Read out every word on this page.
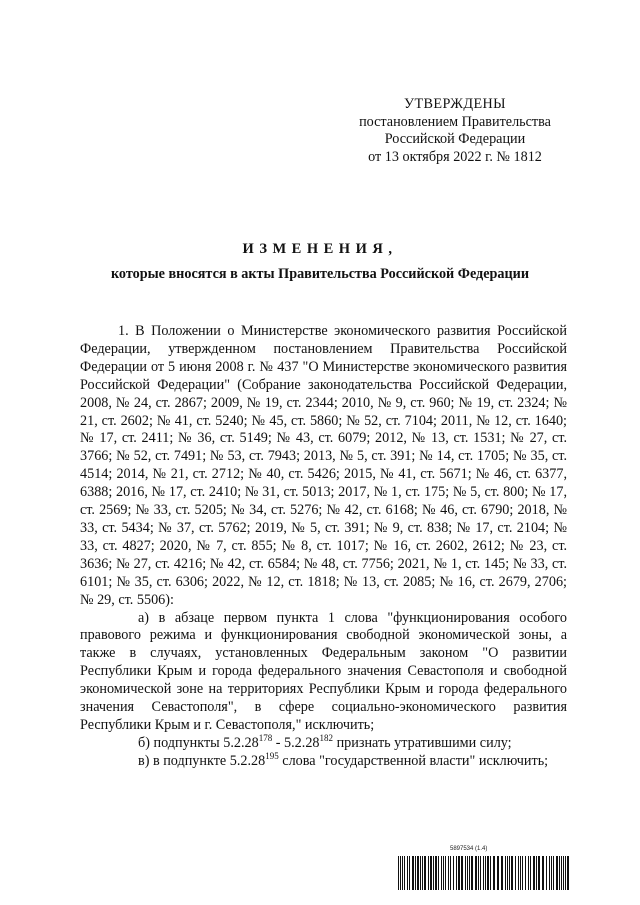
УТВЕРЖДЕНЫ
постановлением Правительства
Российской Федерации
от 13 октября 2022 г. № 1812
ИЗМЕНЕНИЯ,
которые вносятся в акты Правительства Российской Федерации

1. В Положении о Министерстве экономического развития Российской Федерации, утвержденном постановлением Правительства Российской Федерации от 5 июня 2008 г. № 437 "О Министерстве экономического развития Российской Федерации" (Собрание законодательства Российской Федерации, 2008, № 24, ст. 2867; 2009, № 19, ст. 2344; 2010, № 9, ст. 960; № 19, ст. 2324; № 21, ст. 2602; № 41, ст. 5240; № 45, ст. 5860; № 52, ст. 7104; 2011, № 12, ст. 1640; № 17, ст. 2411; № 36, ст. 5149; № 43, ст. 6079; 2012, № 13, ст. 1531; № 27, ст. 3766; № 52, ст. 7491; № 53, ст. 7943; 2013, № 5, ст. 391; № 14, ст. 1705; № 35, ст. 4514; 2014, № 21, ст. 2712; № 40, ст. 5426; 2015, № 41, ст. 5671; № 46, ст. 6377, 6388; 2016, № 17, ст. 2410; № 31, ст. 5013; 2017, № 1, ст. 175; № 5, ст. 800; № 17, ст. 2569; № 33, ст. 5205; № 34, ст. 5276; № 42, ст. 6168; № 46, ст. 6790; 2018, № 33, ст. 5434; № 37, ст. 5762; 2019, № 5, ст. 391; № 9, ст. 838; № 17, ст. 2104; № 33, ст. 4827; 2020, № 7, ст. 855; № 8, ст. 1017; № 16, ст. 2602, 2612; № 23, ст. 3636; № 27, ст. 4216; № 42, ст. 6584; № 48, ст. 7756; 2021, № 1, ст. 145; № 33, ст. 6101; № 35, ст. 6306; 2022, № 12, ст. 1818; № 13, ст. 2085; № 16, ст. 2679, 2706; № 29, ст. 5506):

а) в абзаце первом пункта 1 слова "функционирования особого правового режима и функционирования свободной экономической зоны, а также в случаях, установленных Федеральным законом "О развитии Республики Крым и города федерального значения Севастополя и свободной экономической зоне на территориях Республики Крым и города федерального значения Севастополя", в сфере социально-экономического развития Республики Крым и г. Севастополя," исключить;

б) подпункты 5.2.28$^{178}$ - 5.2.28$^{182}$ признать утратившими силу;

в) в подпункте 5.2.28$^{195}$ слова "государственной власти" исключить;

5897534 (1.4)
